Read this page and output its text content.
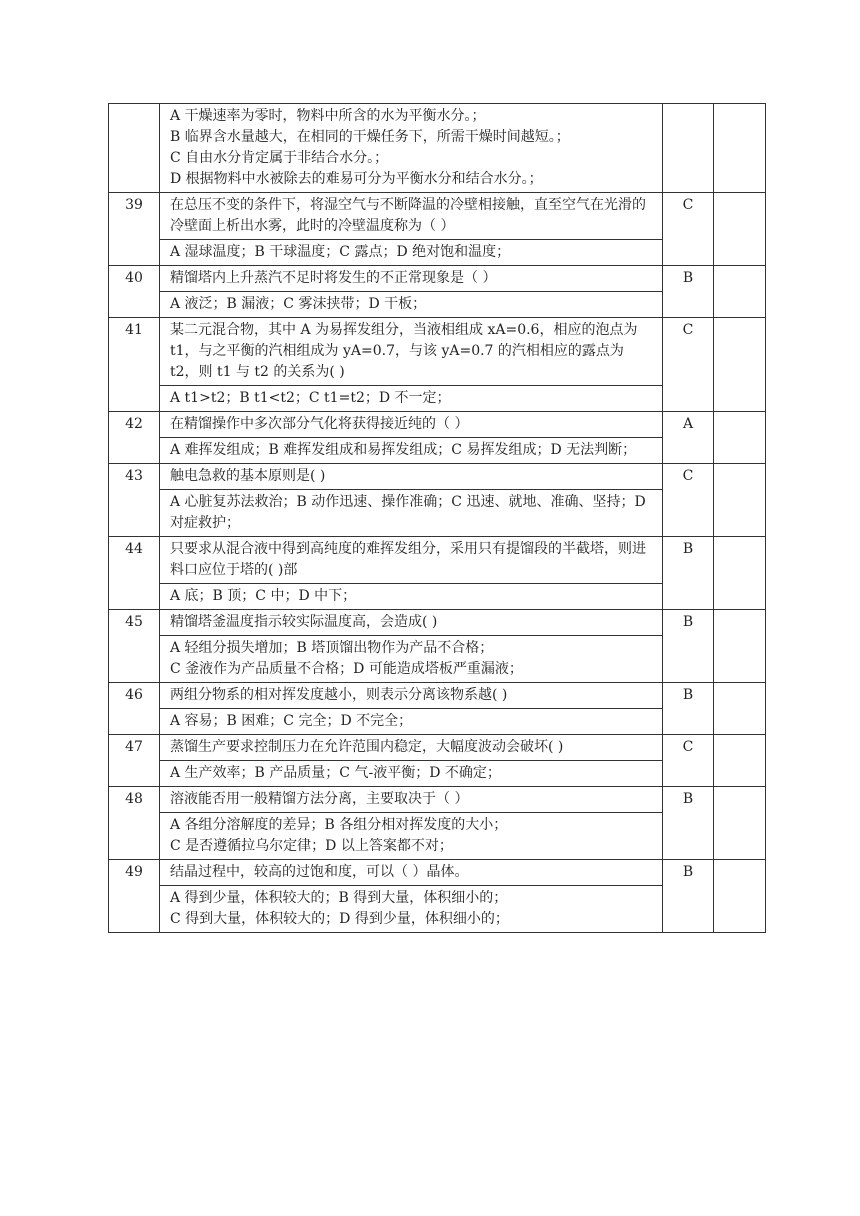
	A 干燥速率为零时，物料中所含的水为平衡水分。；
B 临界含水量越大，在相同的干燥任务下，所需干燥时间越短。；
C 自由水分肯定属于非结合水分。；
D 根据物料中水被除去的难易可分为平衡水分和结合水分。；		

39	在总压不变的条件下，将湿空气与不断降温的冷壁相接触，直至空气在光滑的冷壁面上析出水雾，此时的冷壁温度称为（ ）
A 湿球温度；B 干球温度；C 露点；D 绝对饱和温度；	C	
40	精馏塔内上升蒸汽不足时将发生的不正常现象是（ ）
A 液泛；B 漏液；C 雾沫挟带；D 干板；	B	
41	某二元混合物，其中 A 为易挥发组分，当液相组成 xA=0.6，相应的泡点为 t1，与之平衡的汽相组成为 yA=0.7，与该 yA=0.7 的汽相相应的露点为 t2，则 t1 与 t2 的关系为( )
A t1>t2；B t1<t2；C t1=t2；D 不一定；	C	
42	在精馏操作中多次部分气化将获得接近纯的（ ）
A 难挥发组成；B 难挥发组成和易挥发组成；C 易挥发组成；D 无法判断；	A	
43	触电急救的基本原则是( )
A 心脏复苏法救治；B 动作迅速、操作准确；C 迅速、就地、准确、坚持；D 对症救护；	C	
44	只要求从混合液中得到高纯度的难挥发组分，采用只有提馏段的半截塔，则进料口应位于塔的( )部
A 底；B 顶；C 中；D 中下；	B	
45	精馏塔釜温度指示较实际温度高，会造成( )
A 轻组分损失增加；B 塔顶馏出物作为产品不合格；
C 釜液作为产品质量不合格；D 可能造成塔板严重漏液；	B	
46	两组分物系的相对挥发度越小，则表示分离该物系越( )
A 容易；B 困难；C 完全；D 不完全；	B	
47	蒸馏生产要求控制压力在允许范围内稳定，大幅度波动会破坏( )
A 生产效率；B 产品质量；C 气-液平衡；D 不确定；	C	
48	溶液能否用一般精馏方法分离，主要取决于（ ）
A 各组分溶解度的差异；B 各组分相对挥发度的大小；
C 是否遵循拉乌尔定律；D 以上答案都不对；	B	
49	结晶过程中，较高的过饱和度，可以（ ）晶体。
A 得到少量，体积较大的；B 得到大量，体积细小的；
C 得到大量，体积较大的；D 得到少量，体积细小的；	B	
